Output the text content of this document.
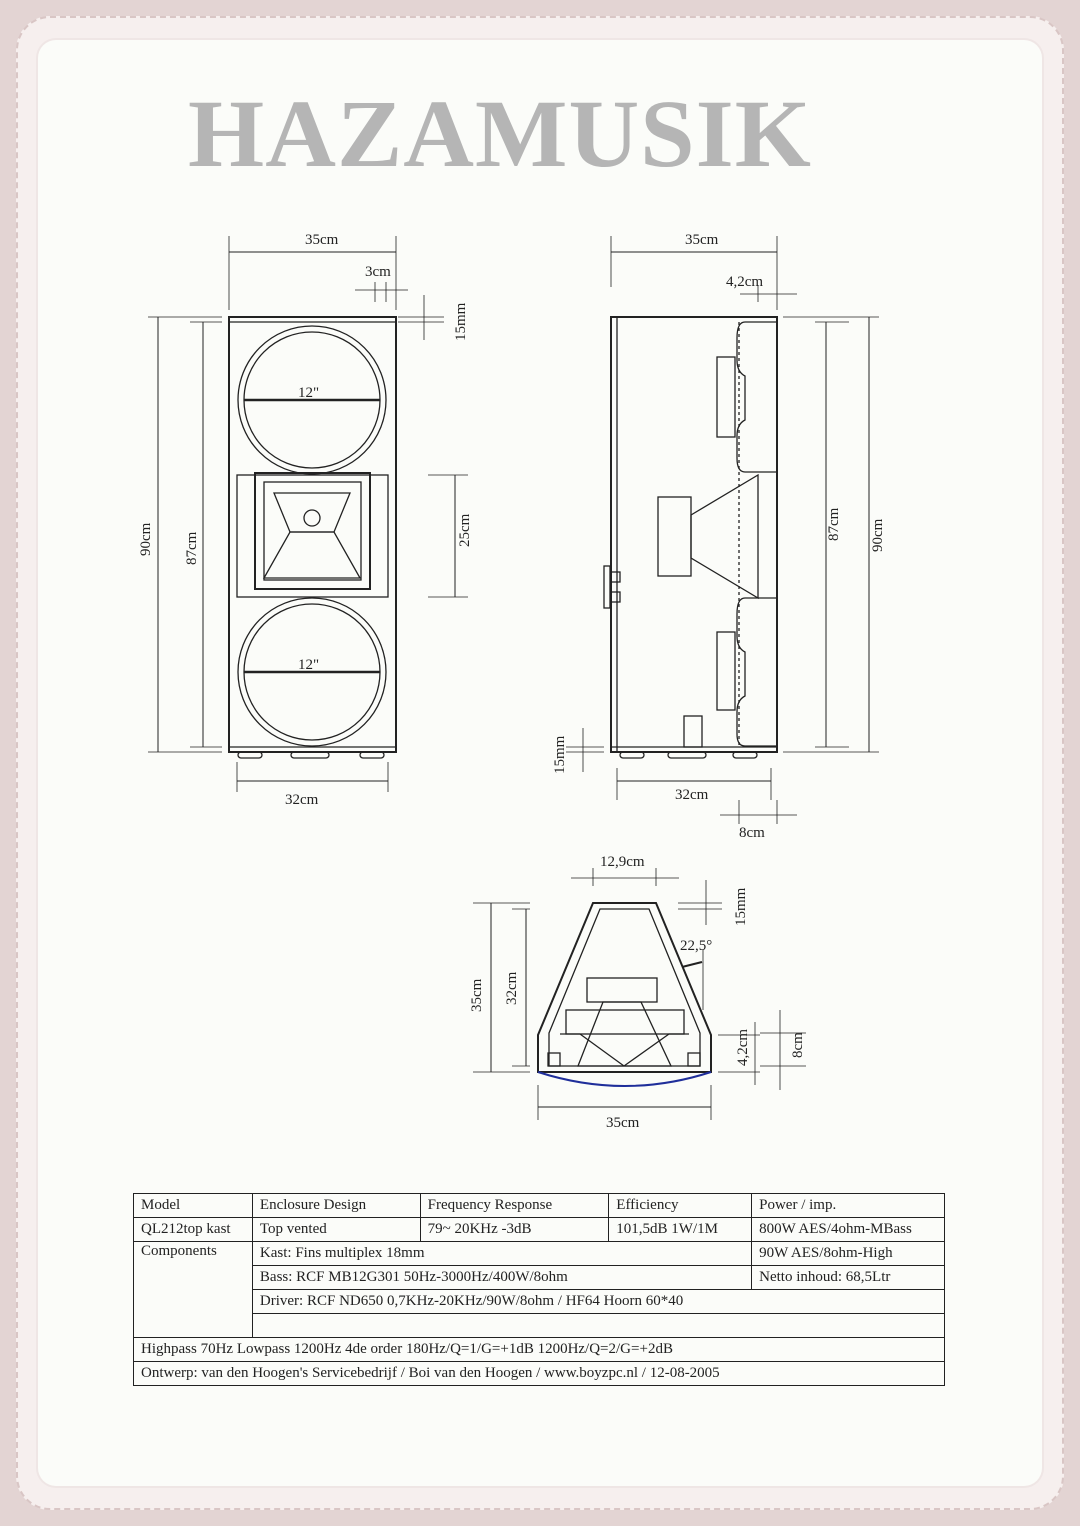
HAZAMUSIK
35cm
3cm
15mm
12"
12"
25cm
90cm 87cm
32cm
35cm
4,2cm
87cm 90cm
15mm
32cm
8cm
12,9cm
15mm
22,5°
35cm 32cm
4,2cm	8cm
35cm
Model	Enclosure Design	Frequency Response	Efficiency	Power / imp.
QL212top kast	Top vented	79~ 20KHz -3dB	101,5dB 1W/1M	800W AES/4ohm-MBass
Components	Kast: Fins multiplex 18mm			90W AES/8ohm-High
	Bass: RCF MB12G301 50Hz-3000Hz/400W/8ohm			Netto inhoud: 68,5Ltr
	Driver: RCF ND650 0,7KHz-20KHz/90W/8ohm / HF64 Hoorn 60*40			

Highpass 70Hz Lowpass 1200Hz 4de order 180Hz/Q=1/G=+1dB 1200Hz/Q=2/G=+2dB				
Ontwerp: van den Hoogen's Servicebedrijf / Boi van den Hoogen / www.boyzpc.nl / 12-08-2005				
